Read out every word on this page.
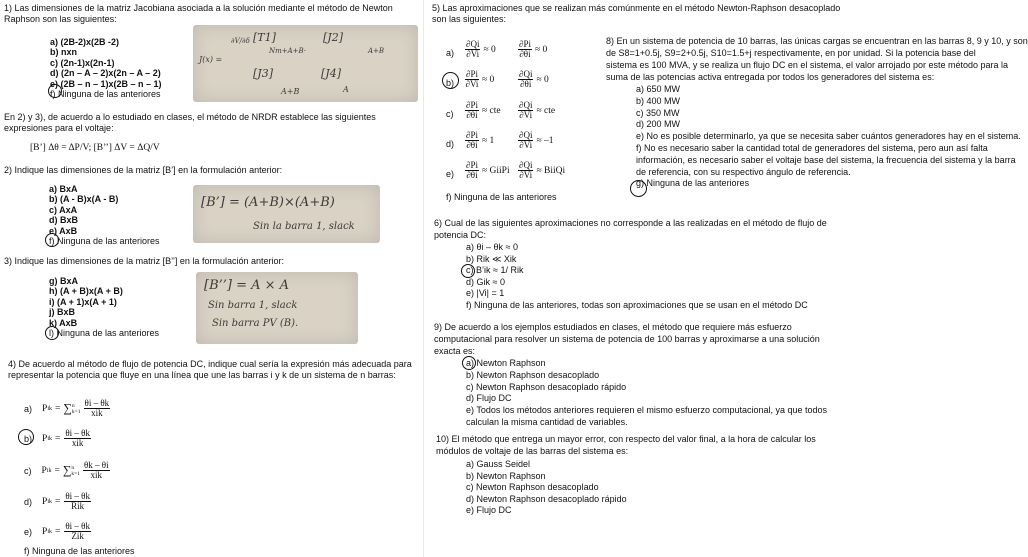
1) Las dimensiones de la matriz Jacobiana asociada a la solución mediante el método de Newton Raphson son las siguientes:
a) (2B-2)x(2B -2)
b) nxn
c) (2n-1)x(2n-1)
d) (2n – A – 2)x(2n – A – 2)
e) (2B – n – 1)x(2B – n – 1)
f) Ninguna de las anteriores
J(x) =
∂V/∂δ [T1]	[J2]
Nm+A+B·
[J3]	[J4]
A+B	A
A+B
En 2) y 3), de acuerdo a lo estudiado en clases, el método de NRDR establece las siguientes expresiones para el voltaje:
[B’] Δθ = ΔP/V; [B’’] ΔV = ΔQ/V
2) Indique las dimensiones de la matriz [B’] en la formulación anterior:
a) BxA
b) (A - B)x(A - B)
c) AxA
d) BxB
e) AxB
f) Ninguna de las anteriores
[B’] = (A+B)×(A+B)
Sin la barra 1, slack
3) Indique las dimensiones de la matriz [B’’] en la formulación anterior:
g) BxA
h) (A + B)x(A + B)
i) (A + 1)x(A + 1)
j) BxB
k) AxB
l) Ninguna de las anteriores
[B’’] = A × A
Sin barra 1, slack
Sin barra PV (B).
4) De acuerdo al método de flujo de potencia DC, indique cual sería la expresión más adecuada para representar la potencia que fluye en una línea que une las barras i y k de un sistema de n barras:
a) P ik = ∑ n
$k=1 \frac{\theta i - \theta k}{\text{xik}}$
b) P ik = $\frac{\theta i - \theta k}{\text{xik}}$
c) P ik = ∑ n
$k=1 \frac{\theta k - \theta i}{\text{xik}}$
d) P ik = $\frac{\theta i - \theta k}{\text{Rik}}$
e) P ik = $\frac{\theta i - \theta k}{\text{Zik}}$
f) Ninguna de las anteriores
5) Las aproximaciones que se realizan más comúnmente en el método Newton-Raphson desacoplado son las siguientes:
$a) \frac{\partial Qi}{\partial Vi} \approx 0 \frac{\partial Pi}{\partial\theta i} \approx 0$
$b) \frac{\partial Pi}{\partial Vi} \approx 0$	$\frac{\partial Qi}{\partial\theta i} \approx 0$
$c) \frac{\partial Pi}{\partial\theta i}$ ≈ cte $\frac{\partial Qi}{\partial Vi}$ ≈ cte
$d) \frac{\partial Pi}{\partial\theta i} \approx 1$	$\frac{\partial Qi}{\partial Vi} \approx -1$
$e) \frac{\partial Pi}{\partial\theta i}$ ≈ GiiPi $\frac{\partial Qi}{\partial Vi}$ ≈ BiiQi
f) Ninguna de las anteriores
8) En un sistema de potencia de 10 barras, las únicas cargas se encuentran en las barras 8, 9 y 10, y son
de S8=1+0.5j, S9=2+0.5j, S10=1.5+j respectivamente, en por unidad. Si la potencia base del
sistema es 100 MVA, y se realiza un flujo DC en el sistema, el valor arrojado por este método para la
suma de las potencias activa entregada por todos los generadores del sistema es:
a) 650 MW
b) 400 MW
c) 350 MW
d) 200 MW
e) No es posible determinarlo, ya que se necesita saber cuántos generadores hay en el sistema.
f) No es necesario saber la cantidad total de generadores del sistema, pero aun así falta
información, es necesario saber el voltaje base del sistema, la frecuencia del sistema y la barra
de referencia, con su respectivo ángulo de referencia.
g) Ninguna de las anteriores
6) Cual de las siguientes aproximaciones no corresponde a las realizadas en el método de flujo de
potencia DC:
a) θi – θk ≈ 0
b) Rik ≪ Xik
c) B’ik ≈ 1/ Rik
d) Gik ≈ 0
e) |Vi| = 1
f) Ninguna de las anteriores, todas son aproximaciones que se usan en el método DC
9) De acuerdo a los ejemplos estudiados en clases, el método que requiere más esfuerzo
computacional para resolver un sistema de potencia de 100 barras y aproximarse a una solución
exacta es:
a) Newton Raphson
b) Newton Raphson desacoplado
c) Newton Raphson desacoplado rápido
d) Flujo DC
e) Todos los métodos anteriores requieren el mismo esfuerzo computacional, ya que todos
calculan la misma cantidad de variables.
10) El método que entrega un mayor error, con respecto del valor final, a la hora de calcular los
módulos de voltaje de las barras del sistema es:
a) Gauss Seidel
b) Newton Raphson
c) Newton Raphson desacoplado
d) Newton Raphson desacoplado rápido
e) Flujo DC
